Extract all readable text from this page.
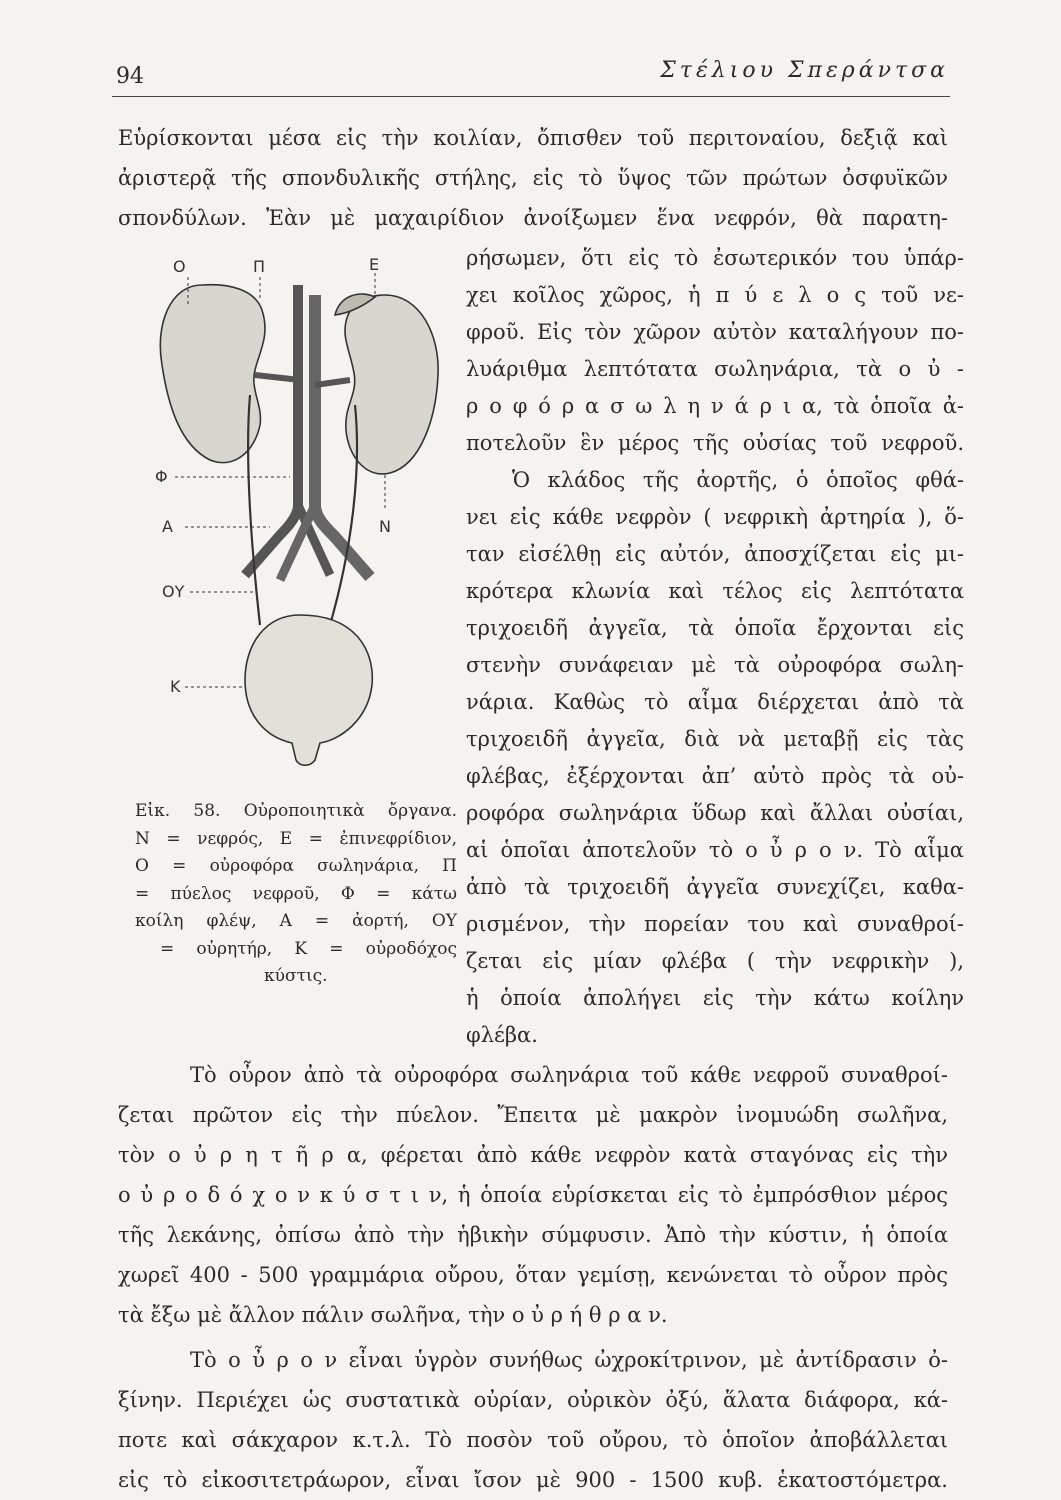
94	Στέλιου Σπεράντσα
Εὑρίσκονται μέσα εἰς τὴν κοιλίαν, ὄπισθεν τοῦ περιτοναίου, δεξιᾷ καὶ
ἀριστερᾷ τῆς σπονδυλικῆς στήλης, εἰς τὸ ὕψος τῶν πρώτων ὀσφυϊκῶν
σπονδύλων. Ἐὰν μὲ μαχαιρίδιον ἀνοίξωμεν ἕνα νεφρόν, θὰ παρατη-
Ο	Π	Ε
Φ
Α
ΟΥ
Ν
Κ
Εἰκ. 58. Οὐροποιητικὰ ὄργανα.
Ν = νεφρός, Ε = ἐπινεφρίδιον,
Ο = οὐροφόρα σωληνάρια, Π
= πύελος νεφροῦ, Φ = κάτω
κοίλη φλέψ, Α = ἀορτή, ΟΥ
= οὐρητήρ, Κ = οὐροδόχος
κύστις.
ρήσωμεν, ὅτι εἰς τὸ ἐσωτερικόν του ὑπάρ-
χει κοῖλος χῶρος, ἡ π ύ ε λ ο ς τοῦ νε-
φροῦ. Εἰς τὸν χῶρον αὐτὸν καταλήγουν πο-
λυάριθμα λεπτότατα σωληνάρια, τὰ ο ὐ -
ρ ο φ ό ρ α σ ω λ η ν ά ρ ι α, τὰ ὁποῖα ἀ-
ποτελοῦν ἓν μέρος τῆς οὐσίας τοῦ νεφροῦ.
Ὁ κλάδος τῆς ἀορτῆς, ὁ ὁποῖος φθά-
νει εἰς κάθε νεφρὸν ( νεφρικὴ ἀρτηρία ), ὅ-
ταν εἰσέλθῃ εἰς αὐτόν, ἀποσχίζεται εἰς μι-
κρότερα κλωνία καὶ τέλος εἰς λεπτότατα
τριχοειδῆ ἀγγεῖα, τὰ ὁποῖα ἔρχονται εἰς
στενὴν συνάφειαν μὲ τὰ οὐροφόρα σωλη-
νάρια. Καθὼς τὸ αἷμα διέρχεται ἀπὸ τὰ
τριχοειδῆ ἀγγεῖα, διὰ νὰ μεταβῇ εἰς τὰς
φλέβας, ἐξέρχονται ἀπ’ αὐτὸ πρὸς τὰ οὐ-
ροφόρα σωληνάρια ὕδωρ καὶ ἄλλαι οὐσίαι,
αἱ ὁποῖαι ἀποτελοῦν τὸ ο ὖ ρ ο ν. Τὸ αἷμα
ἀπὸ τὰ τριχοειδῆ ἀγγεῖα συνεχίζει, καθα-
ρισμένον, τὴν πορείαν του καὶ συναθροί-
ζεται εἰς μίαν φλέβα ( τὴν νεφρικὴν ),
ἡ ὁποία ἀπολήγει εἰς τὴν κάτω κοίλην
φλέβα.
Τὸ οὖρον ἀπὸ τὰ οὐροφόρα σωληνάρια τοῦ κάθε νεφροῦ συναθροί-
ζεται πρῶτον εἰς τὴν πύελον. Ἔπειτα μὲ μακρὸν ἰνομυώδη σωλῆνα,
τὸν ο ὐ ρ η τ ῆ ρ α, φέρεται ἀπὸ κάθε νεφρὸν κατὰ σταγόνας εἰς τὴν
ο ὐ ρ ο δ ό χ ο ν κ ύ σ τ ι ν, ἡ ὁποία εὑρίσκεται εἰς τὸ ἐμπρόσθιον μέρος
τῆς λεκάνης, ὀπίσω ἀπὸ τὴν ἡβικὴν σύμφυσιν. Ἀπὸ τὴν κύστιν, ἡ ὁποία
χωρεῖ 400 - 500 γραμμάρια οὔρου, ὅταν γεμίσῃ, κενώνεται τὸ οὖρον πρὸς
τὰ ἔξω μὲ ἄλλον πάλιν σωλῆνα, τὴν ο ὐ ρ ή θ ρ α ν.
Τὸ ο ὖ ρ ο ν εἶναι ὑγρὸν συνήθως ὠχροκίτρινον, μὲ ἀντίδρασιν ὀ-
ξίνην. Περιέχει ὡς συστατικὰ οὐρίαν, οὐρικὸν ὀξύ, ἅλατα διάφορα, κά-
ποτε καὶ σάκχαρον κ.τ.λ. Τὸ ποσὸν τοῦ οὔρου, τὸ ὁποῖον ἀποβάλλεται
εἰς τὸ εἰκοσιτετράωρον, εἶναι ἴσον μὲ 900 - 1500 κυβ. ἑκατοστόμετρα.
